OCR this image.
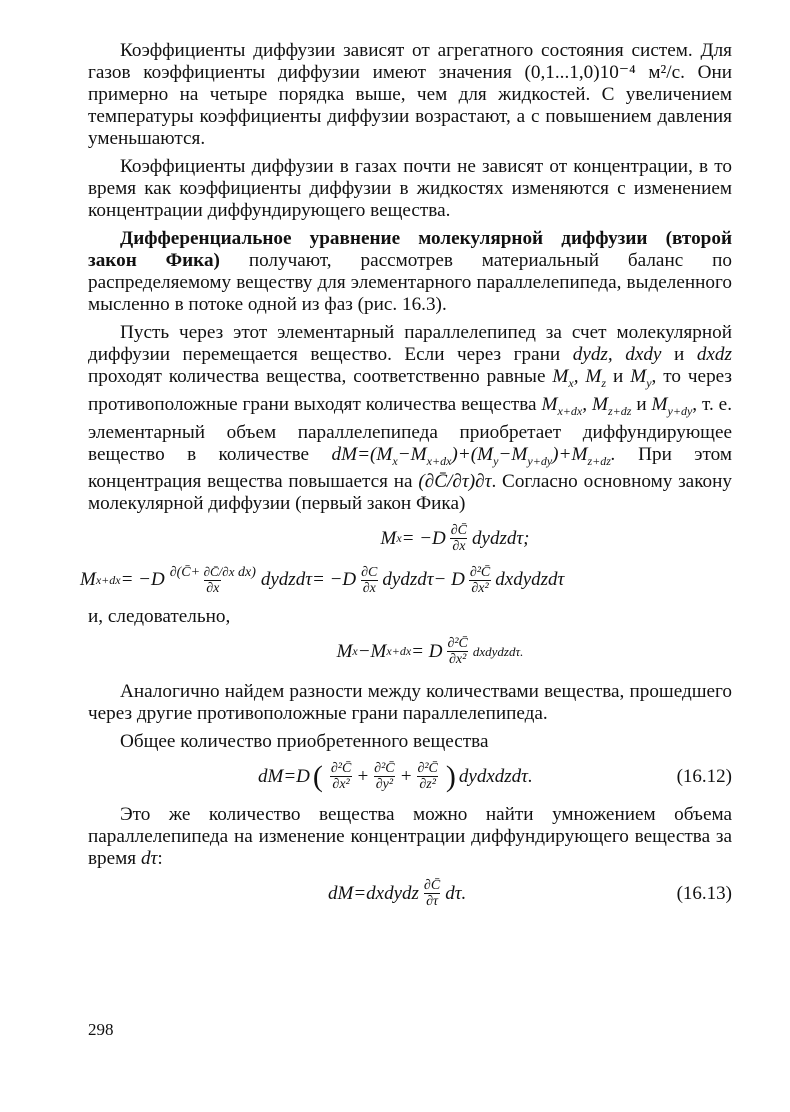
Коэффициенты диффузии зависят от агрегатного состояния систем. Для газов коэффициенты диффузии имеют значения (0,1...1,0)10⁻⁴ м²/с. Они примерно на четыре порядка выше, чем для жидкостей. С увеличением температуры коэффициенты диффузии возрастают, а с повышением давления уменьшаются.

Коэффициенты диффузии в газах почти не зависят от концентрации, в то время как коэффициенты диффузии в жидкостях изменяются с изменением концентрации диффундирующего вещества.

Дифференциальное уравнение молекулярной диффузии (второй закон Фика) получают, рассмотрев материальный баланс по распределяемому веществу для элементарного параллелепипеда, выделенного мысленно в потоке одной из фаз (рис. 16.3).

Пусть через этот элементарный параллелепипед за счет молекулярной диффузии перемещается вещество. Если через грани dydz, dxdy и dxdz проходят количества вещества, соответственно равные $M_x$, $M_z$ и $M_y$, то через противоположные грани выходят количества вещества $M_{x+dx}$, $M_{z+dz}$ и $M_{y+dy}$, т. е. элементарный объем параллелепипеда приобретает диффундирующее вещество в количестве $dM=(M_x-M_{x+dx})+(M_y-M_{y+dy})+M_{z+dz}$. При этом концентрация вещества повышается на (∂C̄/∂τ)∂τ. Согласно основному закону молекулярной диффузии (первый закон Фика)

M $x = -D \frac{\partial C̄}{\partial x}$ dydzdτ;
M $x+dx = -D \frac{\text{∂(C̄+ ∂C̄/∂x dx)}}{\partial x}$ dydzdτ= $-D \frac{\partial C}{\partial x}$ dydzdτ− D $\frac{\text{∂²C̄}}{\text{∂x²}}$ dxdydzdτ

и, следовательно,

M x −M x+dx = D $\frac{\text{∂²C̄}}{\text{∂x²}}$ dxdydzdτ.

Аналогично найдем разности между количествами вещества, прошедшего через другие противоположные грани параллелепипеда.

Общее количество приобретенного вещества

dM=D ( $\frac{\text{∂²C̄}}{\text{∂x²}} + \frac{\text{∂²C̄}}{\text{∂y²}} + \frac{\text{∂²C̄}}{\text{∂z²}}$ ) dydxdzdτ.	(16.12)

Это же количество вещества можно найти умножением объема параллелепипеда на изменение концентрации диффундирующего вещества за время dτ:

dM=dxdydz $\frac{\partial C̄}{\partial\tau} d\tau$.	(16.13)
298
